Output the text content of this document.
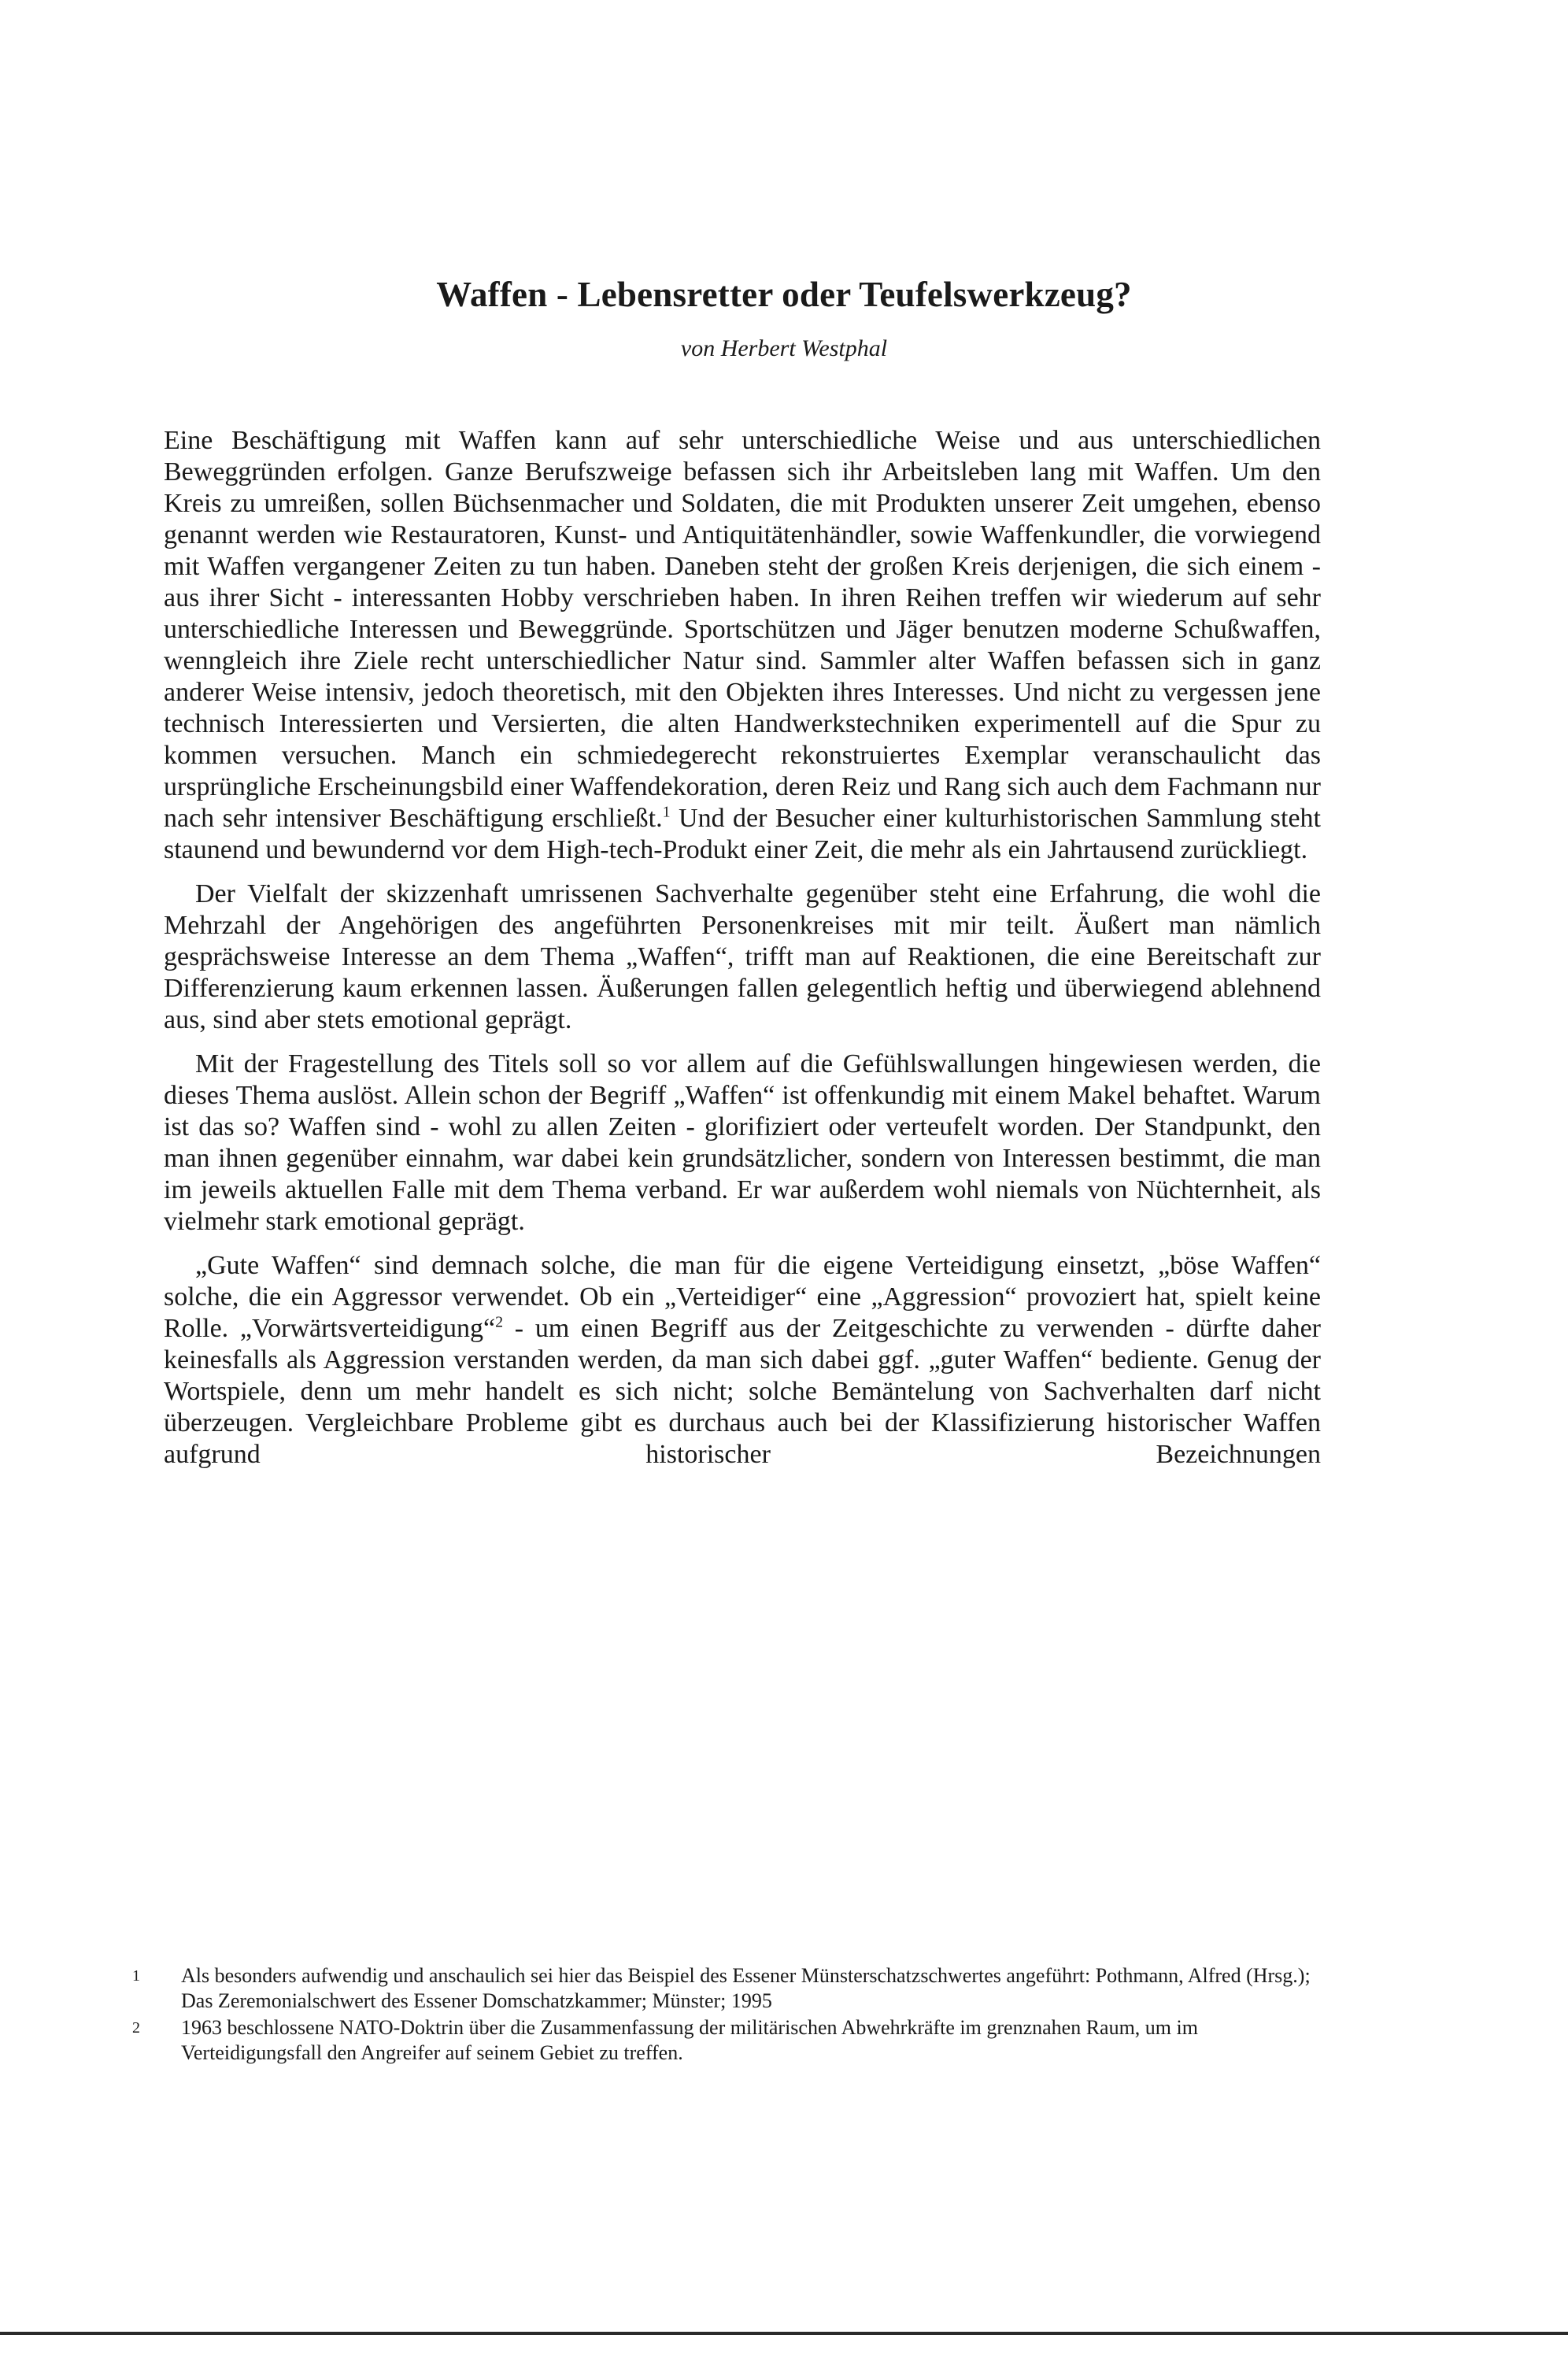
Waffen - Lebensretter oder Teufelswerkzeug?
von Herbert Westphal

Eine Beschäftigung mit Waffen kann auf sehr unterschiedliche Weise und aus unterschiedlichen Beweggründen erfolgen. Ganze Berufszweige befassen sich ihr Arbeitsleben lang mit Waffen. Um den Kreis zu umreißen, sollen Büchsenmacher und Soldaten, die mit Produkten unserer Zeit umgehen, ebenso genannt werden wie Restauratoren, Kunst- und Antiquitätenhändler, sowie Waffenkundler, die vorwiegend mit Waffen vergangener Zeiten zu tun haben. Daneben steht der großen Kreis derjenigen, die sich einem - aus ihrer Sicht - interessanten Hobby verschrieben haben. In ihren Reihen treffen wir wiederum auf sehr unterschiedliche Interessen und Beweggründe. Sportschützen und Jäger benutzen moderne Schußwaffen, wenngleich ihre Ziele recht unterschiedlicher Natur sind. Sammler alter Waffen befassen sich in ganz anderer Weise intensiv, jedoch theoretisch, mit den Objekten ihres Interesses. Und nicht zu vergessen jene technisch Interessierten und Versierten, die alten Handwerkstechniken experimentell auf die Spur zu kommen versuchen. Manch ein schmiedegerecht rekonstruiertes Exemplar veranschaulicht das ursprüngliche Erscheinungsbild einer Waffendekoration, deren Reiz und Rang sich auch dem Fachmann nur nach sehr intensiver Beschäftigung erschließt.$^1$ Und der Besucher einer kulturhistorischen Sammlung steht staunend und bewundernd vor dem High-tech-Produkt einer Zeit, die mehr als ein Jahrtausend zurückliegt.

Der Vielfalt der skizzenhaft umrissenen Sachverhalte gegenüber steht eine Erfahrung, die wohl die Mehrzahl der Angehörigen des angeführten Personenkreises mit mir teilt. Äußert man nämlich gesprächsweise Interesse an dem Thema „Waffen“, trifft man auf Reaktionen, die eine Bereitschaft zur Differenzierung kaum erkennen lassen. Äußerungen fallen gelegentlich heftig und überwiegend ablehnend aus, sind aber stets emotional geprägt.

Mit der Fragestellung des Titels soll so vor allem auf die Gefühlswallungen hingewiesen werden, die dieses Thema auslöst. Allein schon der Begriff „Waffen“ ist offenkundig mit einem Makel behaftet. Warum ist das so? Waffen sind - wohl zu allen Zeiten - glorifiziert oder verteufelt worden. Der Standpunkt, den man ihnen gegenüber einnahm, war dabei kein grundsätzlicher, sondern von Interessen bestimmt, die man im jeweils aktuellen Falle mit dem Thema verband. Er war außerdem wohl niemals von Nüchternheit, als vielmehr stark emotional geprägt.

„Gute Waffen“ sind demnach solche, die man für die eigene Verteidigung einsetzt, „böse Waffen“ solche, die ein Aggressor verwendet. Ob ein „Verteidiger“ eine „Aggression“ provoziert hat, spielt keine Rolle. „Vorwärtsverteidigung“$^2$ - um einen Begriff aus der Zeitgeschichte zu verwenden - dürfte daher keinesfalls als Aggression verstanden werden, da man sich dabei ggf. „guter Waffen“ bediente. Genug der Wortspiele, denn um mehr handelt es sich nicht; solche Bemäntelung von Sachverhalten darf nicht überzeugen. Vergleichbare Probleme gibt es durchaus auch bei der Klassifizierung historischer Waffen aufgrund historischer Bezeichnungen

1	Als besonders aufwendig und anschaulich sei hier das Beispiel des Essener Münsterschatzschwertes angeführt: Pothmann, Alfred (Hrsg.); Das Zeremonialschwert des Essener Domschatzkammer; Münster; 1995
2	1963 beschlossene NATO-Doktrin über die Zusammenfassung der militärischen Abwehrkräfte im grenznahen Raum, um im Verteidigungsfall den Angreifer auf seinem Gebiet zu treffen.
